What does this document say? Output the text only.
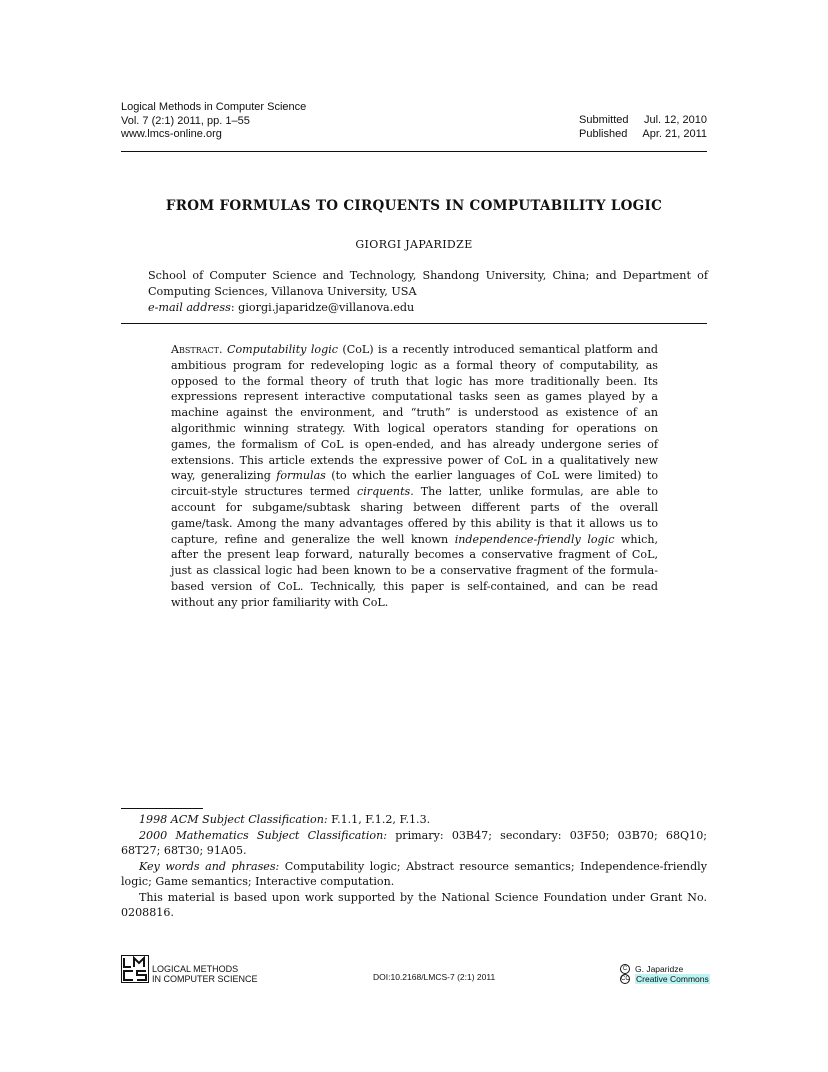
Logical Methods in Computer Science
Vol. 7 (2:1) 2011, pp. 1–55
www.lmcs-online.org
Submitted	Jul. 12, 2010
Published	Apr. 21, 2011
FROM FORMULAS TO CIRQUENTS IN COMPUTABILITY LOGIC
GIORGI JAPARIDZE
School of Computer Science and Technology, Shandong University, China; and Department of Computing Sciences, Villanova University, USA
e-mail address: giorgi.japaridze@villanova.edu
Abstract. Computability logic (CoL) is a recently introduced semantical platform and ambitious program for redeveloping logic as a formal theory of computability, as opposed to the formal theory of truth that logic has more traditionally been. Its expressions represent interactive computational tasks seen as games played by a machine against the environment, and “truth” is understood as existence of an algorithmic winning strategy. With logical operators standing for operations on games, the formalism of CoL is open-ended, and has already undergone series of extensions. This article extends the expressive power of CoL in a qualitatively new way, generalizing formulas (to which the earlier languages of CoL were limited) to circuit-style structures termed cirquents. The latter, unlike formulas, are able to account for subgame/subtask sharing between different parts of the overall game/task. Among the many advantages offered by this ability is that it allows us to capture, refine and generalize the well known independence-friendly logic which, after the present leap forward, naturally becomes a conservative fragment of CoL, just as classical logic had been known to be a conservative fragment of the formula-based version of CoL. Technically, this paper is self-contained, and can be read without any prior familiarity with CoL.

1998 ACM Subject Classification: F.1.1, F.1.2, F.1.3.

2000 Mathematics Subject Classification: primary: 03B47; secondary: 03F50; 03B70; 68Q10; 68T27; 68T30; 91A05.

Key words and phrases: Computability logic; Abstract resource semantics; Independence-friendly logic; Game semantics; Interactive computation.

This material is based upon work supported by the National Science Foundation under Grant No. 0208816.

LOGICAL METHODS
IN COMPUTER SCIENCE	DOI:10.2168/LMCS-7 (2:1) 2011
C G. Japaridze
CC Creative Commons
